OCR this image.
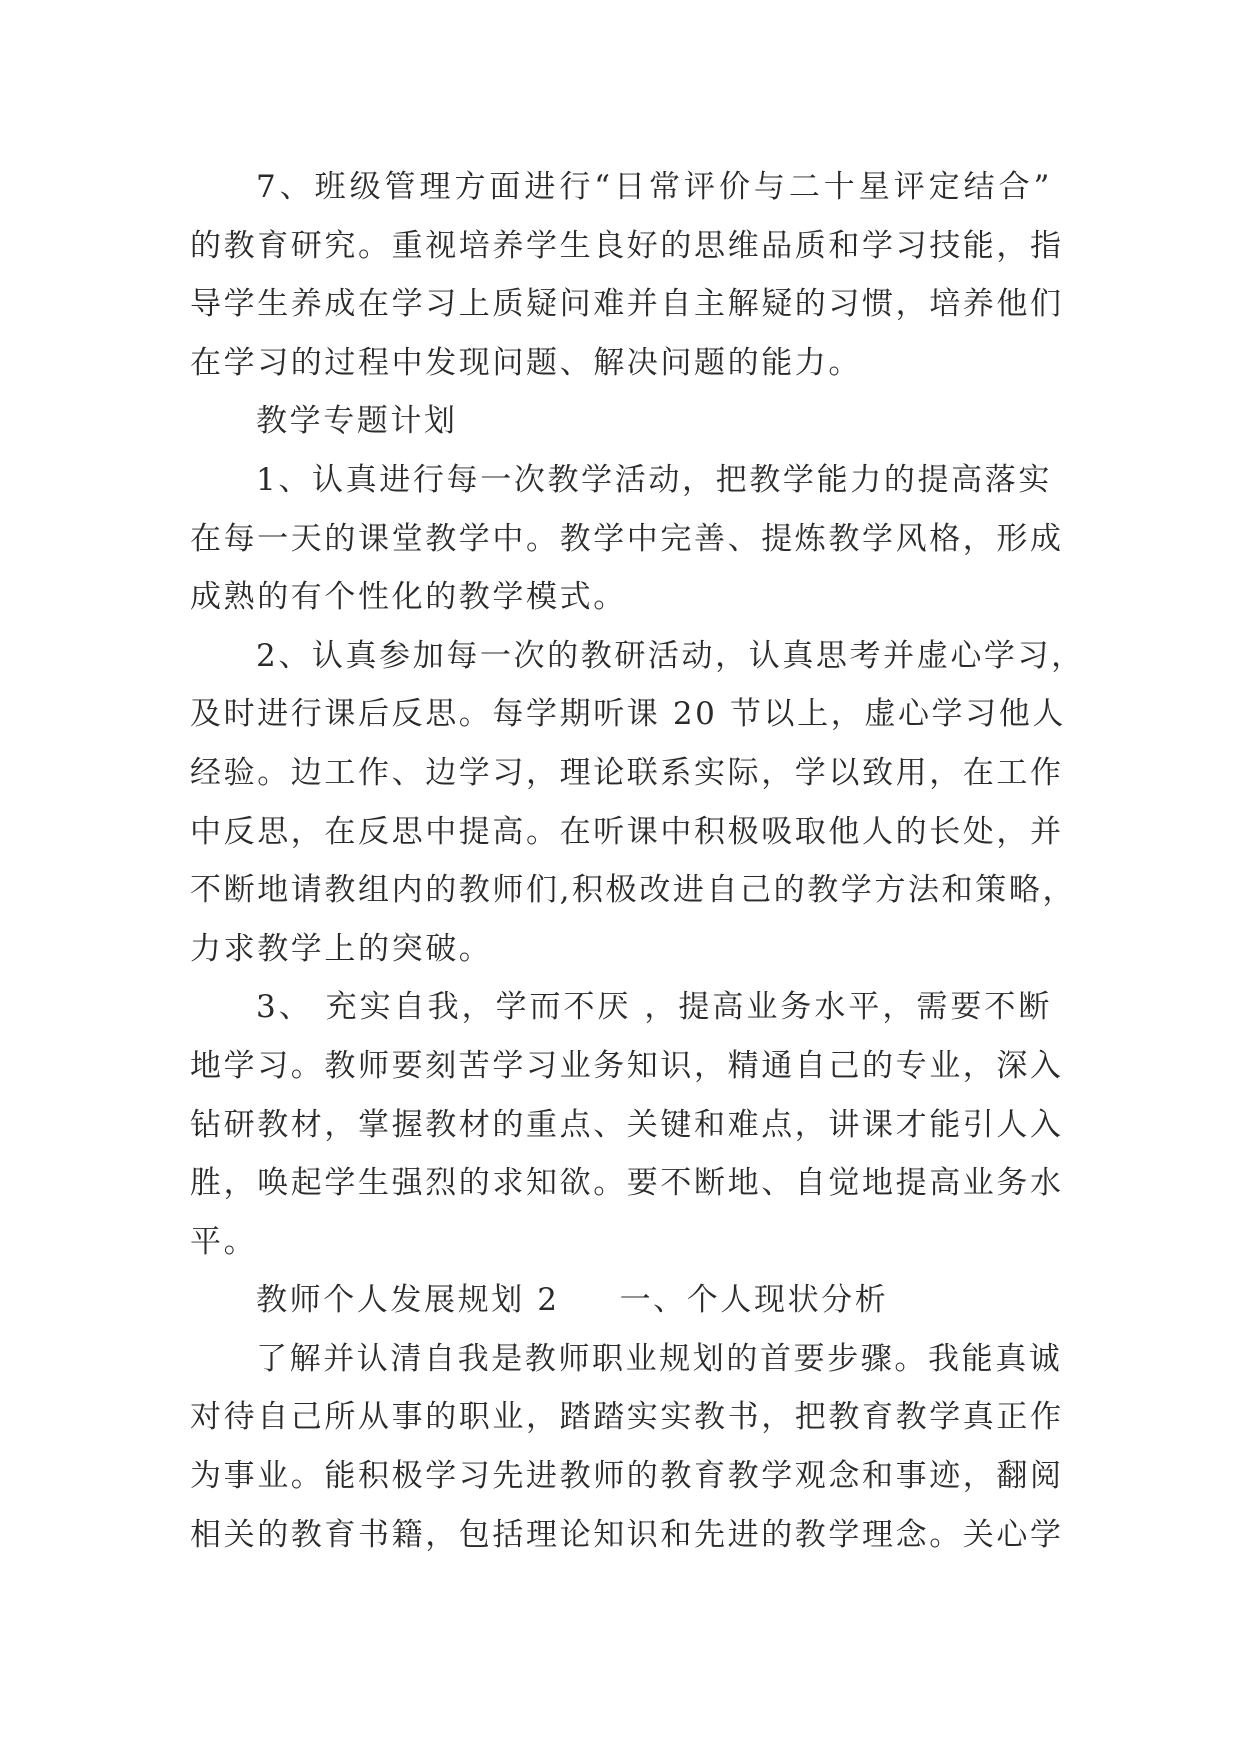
7、班级管理方面进行“日常评价与二十星评定结合”
的教育研究。重视培养学生良好的思维品质和学习技能，指
导学生养成在学习上质疑问难并自主解疑的习惯，培养他们
在学习的过程中发现问题、解决问题的能力。
教学专题计划
1、认真进行每一次教学活动，把教学能力的提高落实
在每一天的课堂教学中。教学中完善、提炼教学风格，形成
成熟的有个性化的教学模式。
2、认真参加每一次的教研活动，认真思考并虚心学习，
及时进行课后反思。每学期听课 20 节以上，虚心学习他人
经验。边工作、边学习，理论联系实际，学以致用，在工作
中反思，在反思中提高。在听课中积极吸取他人的长处，并
不断地请教组内的教师们,积极改进自己的教学方法和策略，
力求教学上的突破。
3、 充实自我，学而不厌 ，提高业务水平，需要不断
地学习。教师要刻苦学习业务知识，精通自己的专业，深入
钻研教材，掌握教材的重点、关键和难点，讲课才能引人入
胜，唤起学生强烈的求知欲。要不断地、自觉地提高业务水
平。
教师个人发展规划 2 一、个人现状分析
了解并认清自我是教师职业规划的首要步骤。我能真诚
对待自己所从事的职业，踏踏实实教书，把教育教学真正作
为事业。能积极学习先进教师的教育教学观念和事迹，翻阅
相关的教育书籍，包括理论知识和先进的教学理念。关心学
